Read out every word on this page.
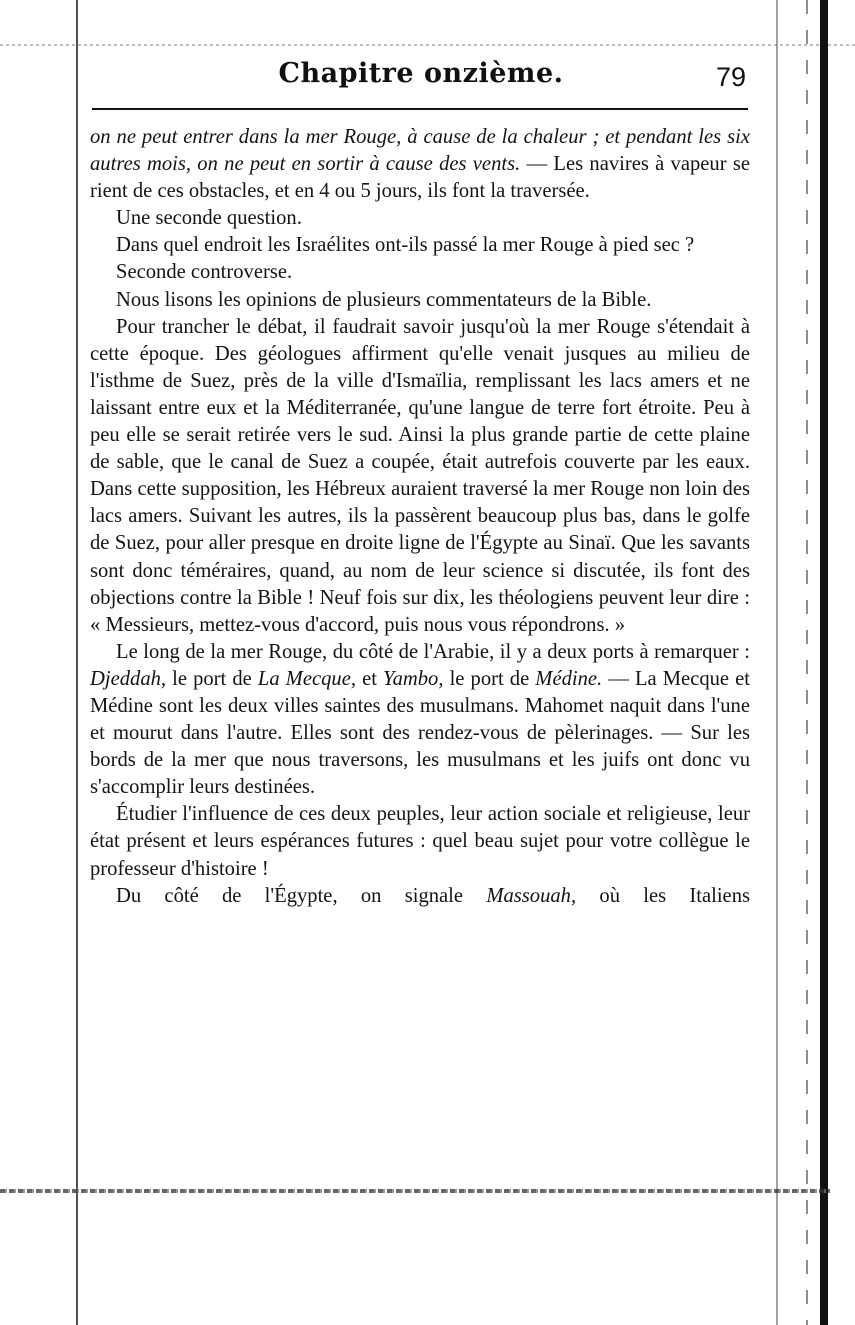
Chapitre onzième.	79

on ne peut entrer dans la mer Rouge, à cause de la chaleur ; et pendant les six autres mois, on ne peut en sortir à cause des vents. — Les navires à vapeur se rient de ces obstacles, et en 4 ou 5 jours, ils font la traversée.

Une seconde question.

Dans quel endroit les Israélites ont-ils passé la mer Rouge à pied sec ?

Seconde controverse.

Nous lisons les opinions de plusieurs commentateurs de la Bible.

Pour trancher le débat, il faudrait savoir jusqu'où la mer Rouge s'étendait à cette époque. Des géologues affirment qu'elle venait jusques au milieu de l'isthme de Suez, près de la ville d'Ismaïlia, remplissant les lacs amers et ne laissant entre eux et la Méditerranée, qu'une langue de terre fort étroite. Peu à peu elle se serait retirée vers le sud. Ainsi la plus grande partie de cette plaine de sable, que le canal de Suez a coupée, était autrefois couverte par les eaux. Dans cette supposition, les Hébreux auraient traversé la mer Rouge non loin des lacs amers. Suivant les autres, ils la passèrent beaucoup plus bas, dans le golfe de Suez, pour aller presque en droite ligne de l'Égypte au Sinaï. Que les savants sont donc téméraires, quand, au nom de leur science si discutée, ils font des objections contre la Bible ! Neuf fois sur dix, les théologiens peuvent leur dire : « Messieurs, mettez-vous d'accord, puis nous vous répondrons. »

Le long de la mer Rouge, du côté de l'Arabie, il y a deux ports à remarquer : Djeddah, le port de La Mecque, et Yambo, le port de Médine. — La Mecque et Médine sont les deux villes saintes des musulmans. Mahomet naquit dans l'une et mourut dans l'autre. Elles sont des rendez-vous de pèlerinages. — Sur les bords de la mer que nous traversons, les musulmans et les juifs ont donc vu s'accomplir leurs destinées.

Étudier l'influence de ces deux peuples, leur action sociale et religieuse, leur état présent et leurs espérances futures : quel beau sujet pour votre collègue le professeur d'histoire !

Du côté de l'Égypte, on signale Massouah, où les Italiens
